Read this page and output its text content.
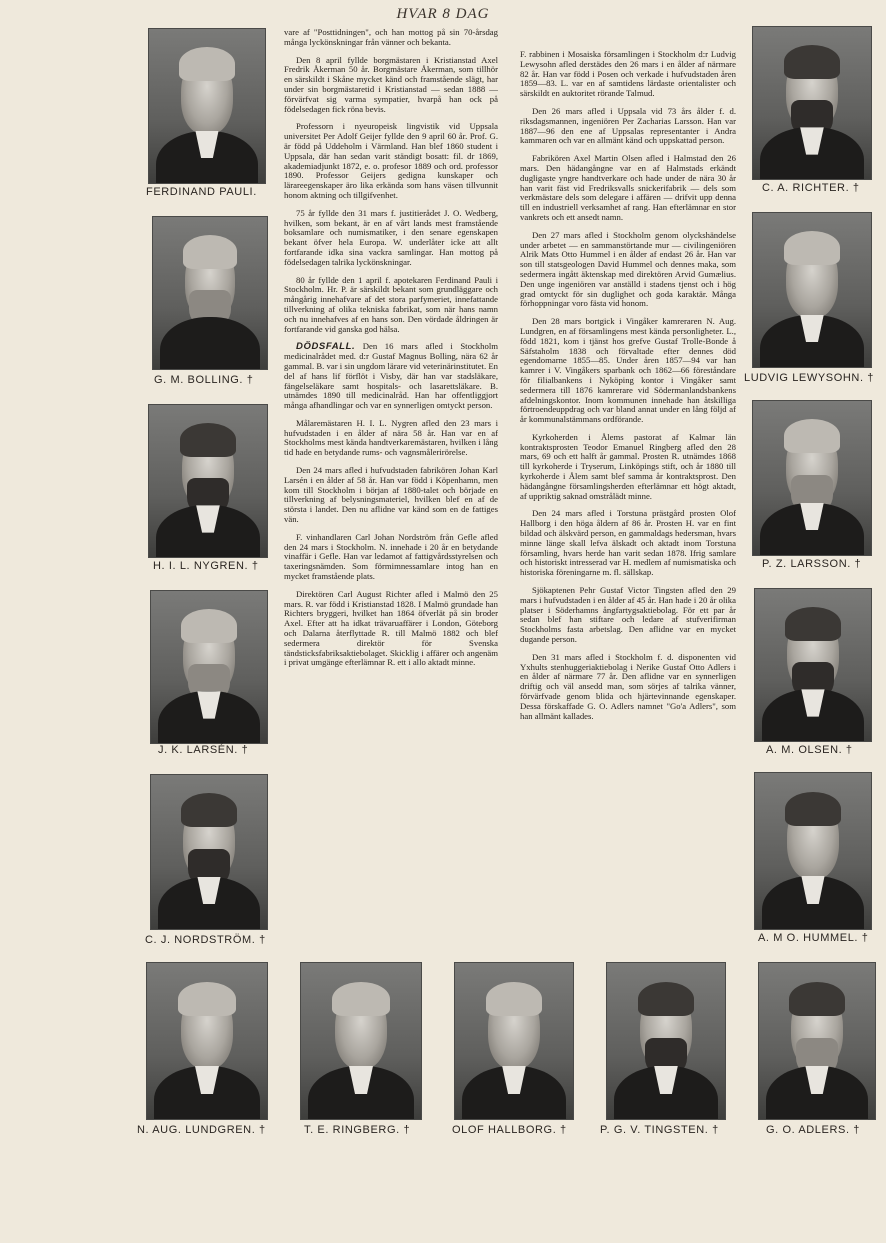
HVAR 8 DAG
FERDINAND PAULI.
G. M. BOLLING. †
H. I. L. NYGREN. †
J. K. LARSÉN. †
C. J. NORDSTRÖM. †
C. A. RICHTER. †
LUDVIG LEWYSOHN. †
P. Z. LARSSON. †
A. M. OLSEN. †
A. M O. HUMMEL. †
N. AUG. LUNDGREN. †	T. E. RINGBERG. †	OLOF HALLBORG. †	P. G. V. TINGSTEN. †	G. O. ADLERS. †

vare af "Posttidningen", och han mottog på sin 70-årsdag många lyckönskningar från vänner och bekanta.

Den 8 april fyllde borgmästaren i Kristianstad Axel Fredrik Åkerman 50 år. Borgmästare Åkerman, som tillhör en särskildt i Skåne mycket känd och framstående slägt, har under sin borgmästaretid i Kristianstad — sedan 1888 — förvärfvat sig varma sympatier, hvarpå han ock på födelsedagen fick röna bevis.

Professorn i nyeuropeisk lingvistik vid Uppsala universitet Per Adolf Geijer fyllde den 9 april 60 år. Prof. G. är född på Uddeholm i Värmland. Han blef 1860 student i Uppsala, där han sedan varit ständigt bosatt: fil. dr 1869, akademiadjunkt 1872, e. o. profesor 1889 och ord. professor 1890. Professor Geijers gedigna kunskaper och lärareegenskaper äro lika erkända som hans väsen tillvunnit honom aktning och tillgifvenhet.

75 år fyllde den 31 mars f. justitierådet J. O. Wedberg, hvilken, som bekant, är en af vårt lands mest framstående boksamlare och numismatiker, i den senare egenskapen bekant öfver hela Europa. W. underlåter icke att allt fortfarande idka sina vackra samlingar. Han mottog på födelsedagen talrika lyckönskningar.

80 år fyllde den 1 april f. apotekaren Ferdinand Pauli i Stockholm. Hr. P. är särskildt bekant som grundläggare och mångårig innehafvare af det stora parfymeriet, innefattande tillverkning af olika tekniska fabrikat, som när hans namn och nu innehafves af en hans son. Den vördade åldringen är fortfarande vid ganska god hälsa.

DÖDSFALL. Den 16 mars afled i Stockholm medicinalrådet med. d:r Gustaf Magnus Bolling, nära 62 år gammal. B. var i sin ungdom lärare vid veterinärinstitutet. En del af hans lif förflöt i Visby, där han var stadsläkare, fängelseläkare samt hospitals- och lasarettsläkare. B. utnämdes 1890 till medicinalråd. Han har offentliggjort många afhandlingar och var en synnerligen omtyckt person.

Målaremästaren H. I. L. Nygren afled den 23 mars i hufvudstaden i en ålder af nära 58 år. Han var en af Stockholms mest kända handtverkaremästaren, hvilken i lång tid hade en betydande rums- och vagnsmålerirörelse.

Den 24 mars afled i hufvudstaden fabrikören Johan Karl Larsén i en ålder af 58 år. Han var född i Köpenhamn, men kom till Stockholm i början af 1880-talet och började en tillverkning af belysningsmateriel, hvilken blef en af de största i landet. Den nu aflidne var känd som en de fattiges vän.

F. vinhandlaren Carl Johan Nordström från Gefle afled den 24 mars i Stockholm. N. innehade i 20 år en betydande vinaffär i Gefle. Han var ledamot af fattigvårdsstyrelsen och taxeringsnämden. Som förmimnessamlare intog han en mycket framstående plats.

Direktören Carl August Richter afled i Malmö den 25 mars. R. var född i Kristianstad 1828. I Malmö grundade han Richters bryggeri, hvilket han 1864 öfverlät på sin broder Axel. Efter att ha idkat trävaruaffärer i London, Göteborg och Dalarna återflyttade R. till Malmö 1882 och blef sedermera direktör för Svenska tändsticksfabriksaktiebolaget. Skicklig i affärer och angenäm i privat umgänge efterlämnar R. ett i allo aktadt minne.

F. rabbinen i Mosaiska församlingen i Stockholm d:r Ludvig Lewysohn afled derstädes den 26 mars i en ålder af närmare 82 år. Han var född i Posen och verkade i hufvudstaden åren 1859—83. L. var en af samtidens lärdaste orientalister och särskildt en auktoritet rörande Talmud.

Den 26 mars afled i Uppsala vid 73 års ålder f. d. riksdagsmannen, ingeniören Per Zacharias Larsson. Han var 1887—96 den ene af Uppsalas representanter i Andra kammaren och var en allmänt känd och uppskattad person.

Fabrikören Axel Martin Olsen afled i Halmstad den 26 mars. Den hädangångne var en af Halmstads erkändt dugligaste yngre handtverkare och hade under de nära 30 år han varit fäst vid Fredriksvalls snickerifabrik — dels som verkmästare dels som delegare i affären — drifvit upp denna till en industriell verksamhet af rang. Han efterlämnar en stor vankrets och ett ansedt namn.

Den 27 mars afled i Stockholm genom olyckshändelse under arbetet — en sammanstörtande mur — civilingeniören Alrik Mats Otto Hummel i en ålder af endast 26 år. Han var son till statsgeologen David Hummel och dennes maka, som sedermera ingått äktenskap med direktören Arvid Gumælius. Den unge ingeniören var anställd i stadens tjenst och i hög grad omtyckt för sin duglighet och goda karaktär. Många förhoppningar voro fästa vid honom.

Den 28 mars bortgick i Vingåker kamreraren N. Aug. Lundgren, en af församlingens mest kända personligheter. L., född 1821, kom i tjänst hos grefve Gustaf Trolle-Bonde å Säfstaholm 1838 och förvaltade efter dennes död egendomarne 1855—85. Under åren 1857—94 var han kamrer i V. Vingåkers sparbank och 1862—66 föreståndare för filialbankens i Nyköping kontor i Vingåker samt sedermera till 1876 kamrerare vid Södermanlandsbankens afdelningskontor. Inom kommunen innehade han åtskilliga förtroendeuppdrag och var bland annat under en lång följd af år kommunalstämmans ordförande.

Kyrkoherden i Ålems pastorat af Kalmar län kontraktsprosten Teodor Emanuel Ringberg afled den 28 mars, 69 och ett halft år gammal. Prosten R. utnämdes 1868 till kyrkoherde i Tryserum, Linköpings stift, och år 1880 till kyrkoherde i Ålem samt blef samma år kontraktsprost. Den hädangångne församlingsherden efterlämnar ett högt aktadt, af uppriktig saknad omstrålädt minne.

Den 24 mars afled i Torstuna prästgård prosten Olof Hallborg i den höga åldern af 86 år. Prosten H. var en fint bildad och älskvärd person, en gammaldags hedersman, hvars minne länge skall lefva älskadt och aktadt inom Torstuna församling, hvars herde han varit sedan 1878. Ifrig samlare och historiskt intresserad var H. medlem af numismatiska och historiska föreningarne m. fl. sällskap.

Sjökaptenen Pehr Gustaf Victor Tingsten afled den 29 mars i hufvudstaden i en ålder af 45 år. Han hade i 20 år olika platser i Söderhamns ångfartygsaktiebolag. För ett par år sedan blef han stiftare och ledare af stufverifirman Stockholms fasta arbetslag. Den aflidne var en mycket dugande person.

Den 31 mars afled i Stockholm f. d. disponenten vid Yxhults stenhuggeriaktiebolag i Nerike Gustaf Otto Adlers i en ålder af närmare 77 år. Den aflidne var en synnerligen driftig och väl ansedd man, som sörjes af talrika vänner, förvärfvade genom blida och hjärtevinnande egenskaper. Dessa förskaffade G. O. Adlers namnet "Go'a Adlers", som han allmänt kallades.
